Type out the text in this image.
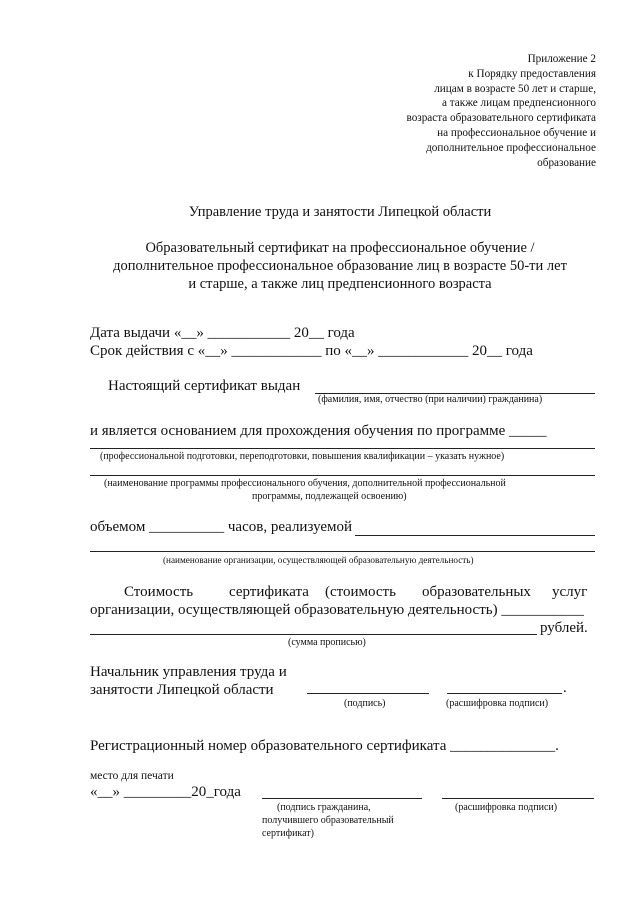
Приложение 2
к Порядку предоставления
лицам в возрасте 50 лет и старше,
а также лицам предпенсионного
возраста образовательного сертификата
на профессиональное обучение и
дополнительное профессиональное
образование
Управление труда и занятости Липецкой области
Образовательный сертификат на профессиональное обучение /
дополнительное профессиональное образование лиц в возрасте 50-ти лет
и старше, а также лиц предпенсионного возраста
Дата выдачи «__» ___________ 20__ года
Срок действия с «__» ____________ по «__» ____________ 20__ года
Настоящий сертификат выдан
(фамилия, имя, отчество (при наличии) гражданина)
и является основанием для прохождения обучения по программе _____
(профессиональной подготовки, переподготовки, повышения квалификации – указать нужное)
(наименование программы профессионального обучения, дополнительной профессиональной
программы, подлежащей освоению)
объемом __________ часов, реализуемой
(наименование организации, осуществляющей образовательную деятельность)
Стоимость сертификата (стоимость образовательных услуг
организации, осуществляющей образовательную деятельность) ___________
рублей.
(сумма прописью)
Начальник управления труда и
занятости Липецкой области	.
(подпись)	(расшифровка подписи)
Регистрационный номер образовательного сертификата ______________.
место для печати
«__» _________20_года
(подпись гражданина,
получившего образовательный
сертификат)
(расшифровка подписи)
